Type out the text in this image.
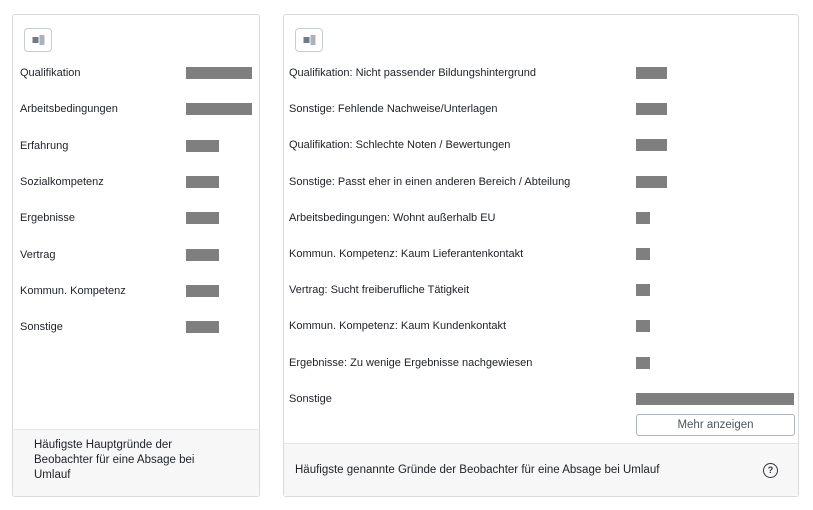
Qualifikation
Arbeitsbedingungen
Erfahrung
Sozialkompetenz
Ergebnisse
Vertrag
Kommun. Kompetenz
Sonstige
Häufigste Hauptgründe der Beobachter für eine Absage bei Umlauf
Qualifikation: Nicht passender Bildungshintergrund
Sonstige: Fehlende Nachweise/Unterlagen
Qualifikation: Schlechte Noten / Bewertungen
Sonstige: Passt eher in einen anderen Bereich / Abteilung
Arbeitsbedingungen: Wohnt außerhalb EU
Kommun. Kompetenz: Kaum Lieferantenkontakt
Vertrag: Sucht freiberufliche Tätigkeit
Kommun. Kompetenz: Kaum Kundenkontakt
Ergebnisse: Zu wenige Ergebnisse nachgewiesen
Sonstige
Mehr anzeigen
Häufigste genannte Gründe der Beobachter für eine Absage bei Umlauf	?
